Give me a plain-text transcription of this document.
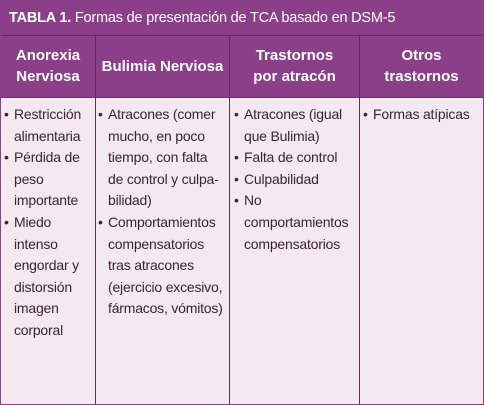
TABLA 1. Formas de presentación de TCA basado en DSM-5
Anorexia
Nerviosa
Bulimia Nerviosa
Trastornos
por atracón
Otros
trastornos
• Restricción
alimentaria
• Pérdida de
peso
importante
• Miedo
intenso
engordar y
distorsión
imagen
corporal
• Atracones (comer
mucho, en poco
tiempo, con falta
de control y culpa-
bilidad)
• Comportamientos
compensatorios
tras atracones
(ejercicio excesivo,
fármacos, vómitos)
• Atracones (igual
que Bulimia)
• Falta de control
• Culpabilidad
• No
comportamientos
compensatorios
• Formas atípicas
